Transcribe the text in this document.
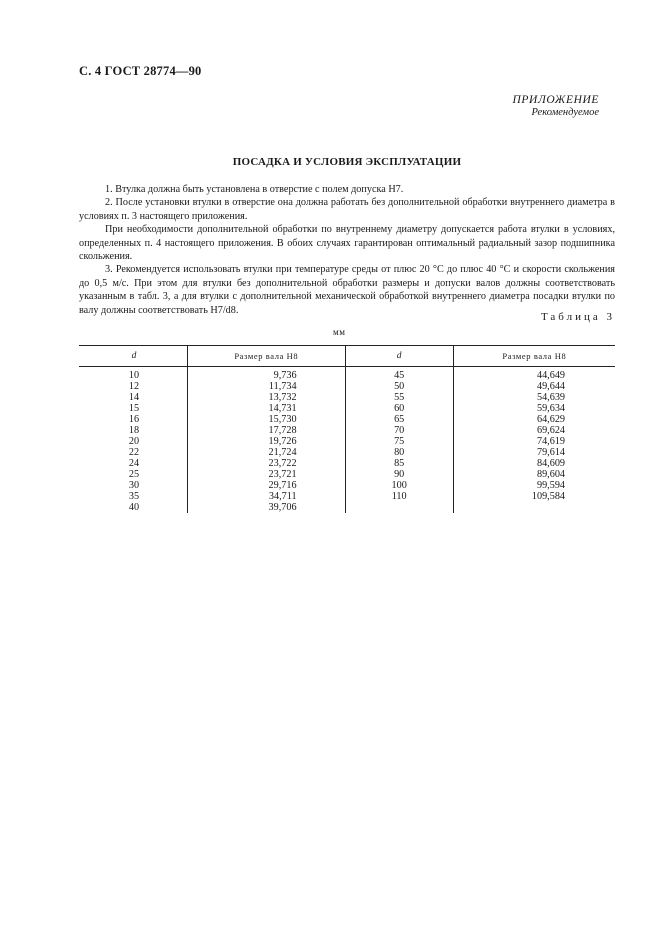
С. 4 ГОСТ 28774—90
ПРИЛОЖЕНИЕ
Рекомендуемое
ПОСАДКА И УСЛОВИЯ ЭКСПЛУАТАЦИИ

1. Втулка должна быть установлена в отверстие с полем допуска Н7.

2. После установки втулки в отверстие она должна работать без дополнительной обработки внутреннего диаметра в условиях п. 3 настоящего приложения.

При необходимости дополнительной обработки по внутреннему диаметру допускается работа втулки в условиях, определенных п. 4 настоящего приложения. В обоих случаях гарантирован оптимальный радиальный зазор подшипника скольжения.

3. Рекомендуется использовать втулки при температуре среды от плюс 20 °С до плюс 40 °С и скорости скольжения до 0,5 м/с. При этом для втулки без дополнительной обработки размеры и допуски валов должны соответствовать указанным в табл. 3, а для втулки с дополнительной механической обработкой внутреннего диаметра посадки втулки по валу должны соответствовать H7/d8.

Таблица 3
мм
d	Размер вала Н8	d	Размер вала Н8
10	9,736	45	44,649
12	11,734	50	49,644
14	13,732	55	54,639
15	14,731	60	59,634
16	15,730	65	64,629
18	17,728	70	69,624
20	19,726	75	74,619
22	21,724	80	79,614
24	23,722	85	84,609
25	23,721	90	89,604
30	29,716	100	99,594
35	34,711	110	109,584
40	39,706		
